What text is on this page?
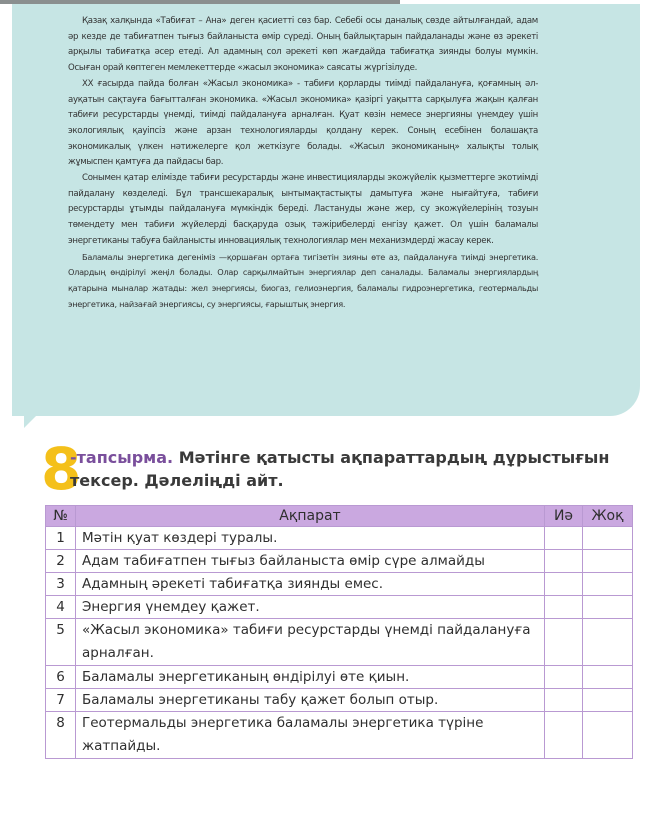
Қазақ халқында «Табиғат – Ана» деген қасиетті сөз бар. Себебі осы даналық сөзде айтылғандай, адам әр кезде де табиғатпен тығыз байланыста өмір сүреді. Оның байлықтарын пайдаланады және өз әрекеті арқылы табиғатқа әсер етеді. Ал адамның сол әрекеті көп жағдайда табиғатқа зиянды болуы мүмкін. Осыған орай көптеген мемлекеттерде «жасыл экономика» саясаты жүргізілуде.

XX ғасырда пайда болған «Жасыл экономика» - табиғи қорларды тиімді пайдалануға, қоғамның әл-ауқатын сақтауға бағытталған экономика. «Жасыл экономика» қазіргі уақытта сарқылуға жақын қалған табиғи ресурстарды үнемді, тиімді пайдалануға арналған. Қуат көзін немесе энергияны үнемдеу үшін экологиялық қауіпсіз және арзан технологияларды қолдану керек. Соның есебінен болашақта экономикалық үлкен нәтижелерге қол жеткізуге болады. «Жасыл экономиканың» халықты толық жұмыспен қамтуға да пайдасы бар.

Сонымен қатар елімізде табиғи ресурстарды және инвестицияларды экожүйелік қызметтерге экотиімді пайдалану көзделеді. Бұл трансшекаралық ынтымақтастықты дамытуға және нығайтуға, табиғи ресурстарды ұтымды пайдалануға мүмкіндік береді. Ластануды және жер, су экожүйелерінің тозуын төмендету мен табиғи жүйелерді басқаруда озық тәжірибелерді енгізу қажет. Ол үшін баламалы энергетиканы табуға байланысты инновациялық технологиялар мен механизмдерді жасау керек.

Баламалы энергетика дегеніміз —қоршаған ортаға тигізетін зияны өте аз, пайдалануға тиімді энергетика. Олардың өндірілуі жеңіл болады. Олар сарқылмайтын энергиялар деп саналады. Баламалы энергиялардың қатарына мыналар жатады: жел энергиясы, биогаз, гелиоэнергия, баламалы гидроэнергетика, геотермальды энергетика, найзағай энергиясы, су энергиясы, ғарыштық энергия.

8
-тапсырма. Мәтінге қатысты ақпараттардың дұрыстығын тексер. Дәлеліңді айт.
№	Ақпарат	Иә	Жоқ
1	Мәтін қуат көздері туралы.		
2	Адам табиғатпен тығыз байланыста өмір сүре алмайды		
3	Адамның әрекеті табиғатқа зиянды емес.		
4	Энергия үнемдеу қажет.		
5	«Жасыл экономика» табиғи ресурстарды үнемді пайдалануға арналған.		
6	Баламалы энергетиканың өндірілуі өте қиын.		
7	Баламалы энергетиканы табу қажет болып отыр.		
8	Геотермальды энергетика баламалы энергетика түріне жатпайды.		
